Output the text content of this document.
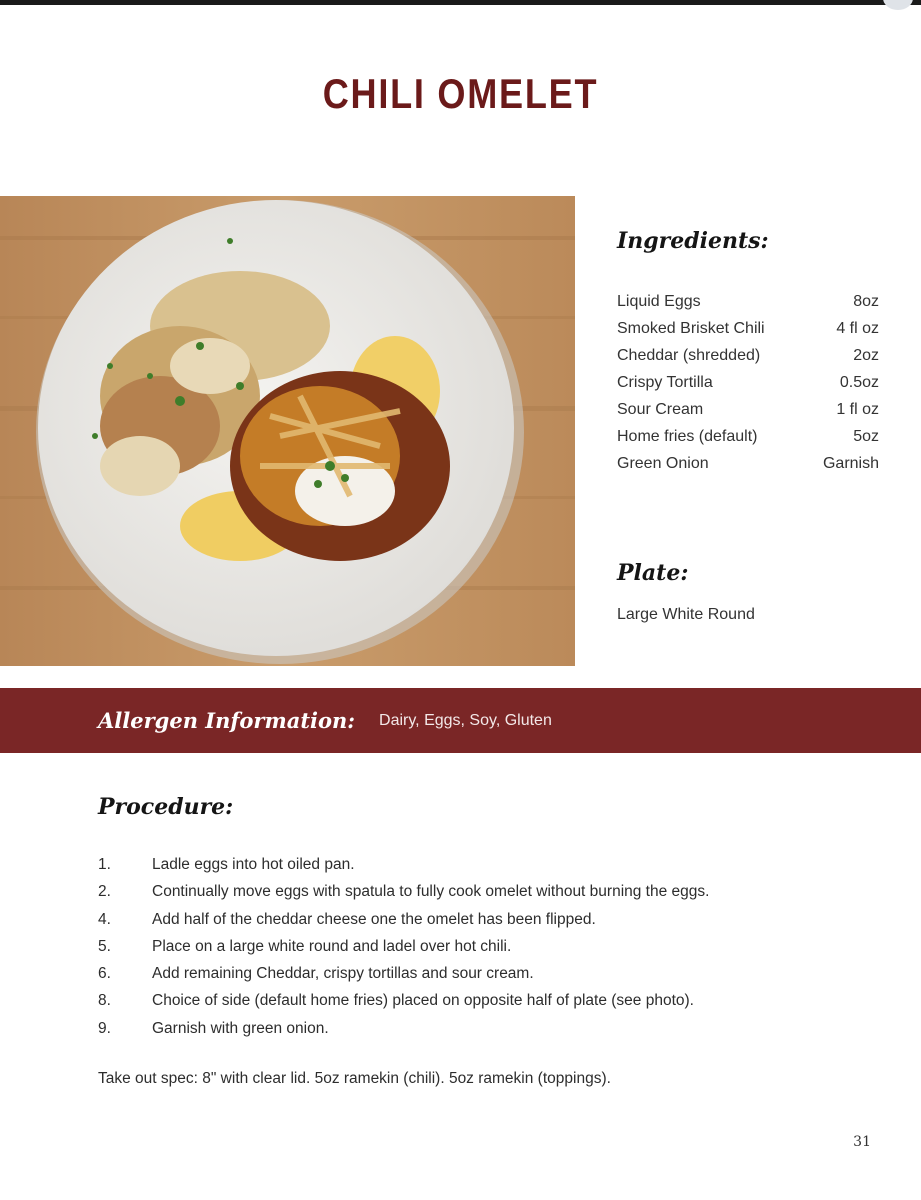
CHILI OMELET
Ingredients:
Liquid Eggs	8oz
Smoked Brisket Chili	4 fl oz
Cheddar (shredded)	2oz
Crispy Tortilla	0.5oz
Sour Cream	1 fl oz
Home fries (default)	5oz
Green Onion	Garnish
Plate:
Large White Round
Allergen Information: Dairy, Eggs, Soy, Gluten
Procedure:
1.	Ladle eggs into hot oiled pan.
2.	Continually move eggs with spatula to fully cook omelet without burning the eggs.
4.	Add half of the cheddar cheese one the omelet has been flipped.
5.	Place on a large white round and ladel over hot chili.
6.	Add remaining Cheddar, crispy tortillas and sour cream.
8.	Choice of side (default home fries) placed on opposite half of plate (see photo).
9.	Garnish with green onion.
Take out spec: 8" with clear lid. 5oz ramekin (chili). 5oz ramekin (toppings).
31
